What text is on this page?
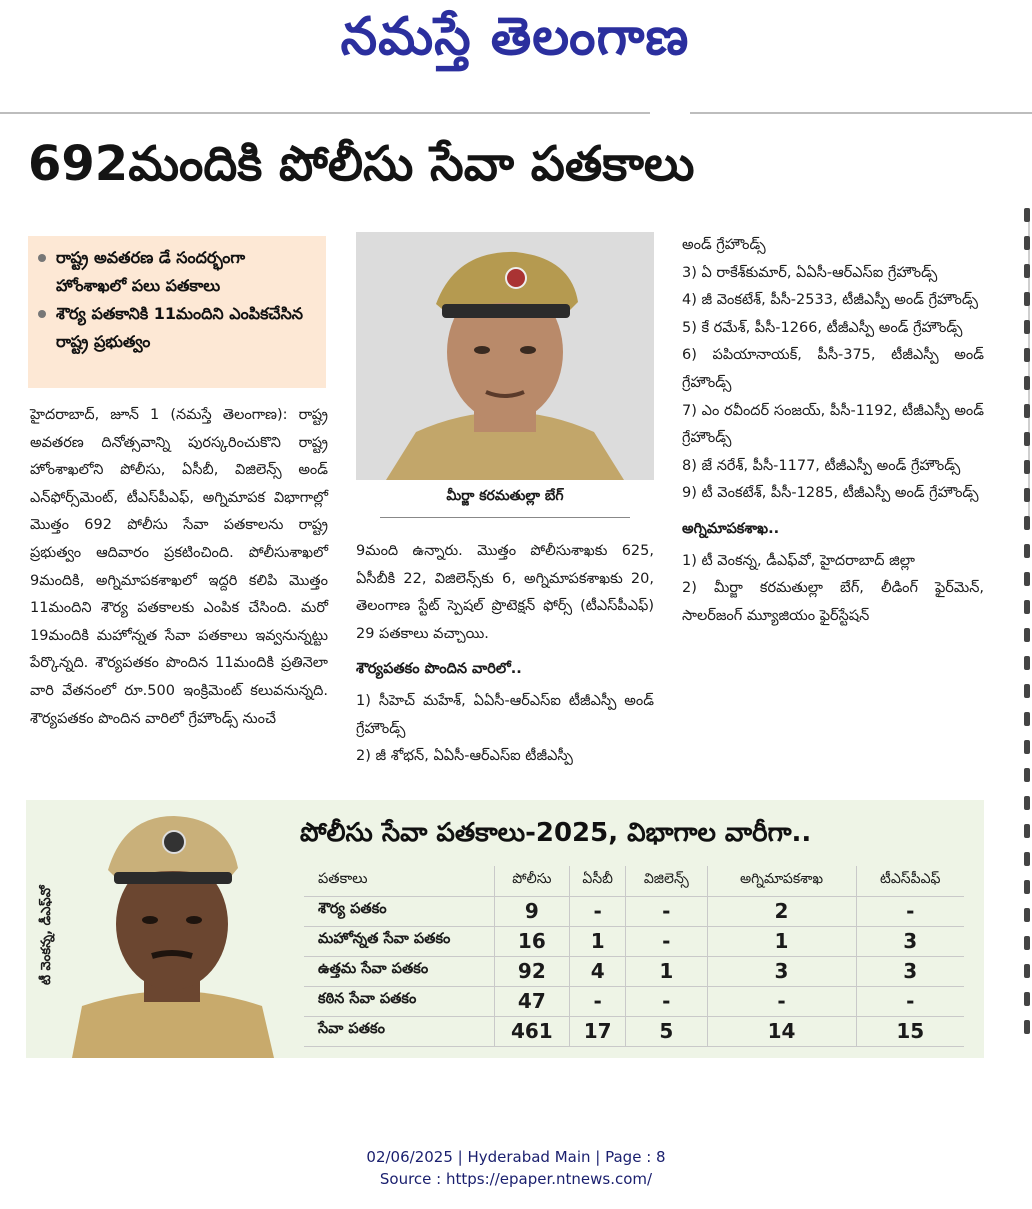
నమస్తే తెలంగాణ
692మందికి పోలీసు సేవా పతకాలు
రాష్ట్ర అవతరణ డే సందర్భంగా హోంశాఖలో పలు పతకాలు
శౌర్య పతకానికి 11మందిని ఎంపికచేసిన రాష్ట్ర ప్రభుత్వం

హైదరాబాద్, జూన్ 1 (నమస్తే తెలంగాణ): రాష్ట్ర అవతరణ దినోత్సవాన్ని పురస్కరించుకొని రాష్ట్ర హోంశాఖలోని పోలీసు, ఏసీబీ, విజిలెన్స్ అండ్ ఎన్‌ఫోర్స్‌మెంట్, టీఎస్‌పీఎఫ్, అగ్నిమాపక విభాగాల్లో మొత్తం 692 పోలీసు సేవా పతకాలను రాష్ట్ర ప్రభుత్వం ఆదివారం ప్రకటించింది. పోలీసుశాఖలో 9మందికి, అగ్నిమాపకశాఖలో ఇద్దరి కలిపి మొత్తం 11మందిని శౌర్య పతకాలకు ఎంపిక చేసింది. మరో 19మందికి మహోన్నత సేవా పతకాలు ఇవ్వనున్నట్టు పేర్కొన్నది. శౌర్యపతకం పొందిన 11మందికి ప్రతినెలా వారి వేతనంలో రూ.500 ఇంక్రిమెంట్ కలువనున్నది. శౌర్యపతకం పొందిన వారిలో గ్రేహౌండ్స్ నుంచే

మీర్జా కరమతుల్లా బేగ్

9మంది ఉన్నారు. మొత్తం పోలీసుశాఖకు 625, ఏసీబీకి 22, విజిలెన్స్‌కు 6, అగ్నిమాపకశాఖకు 20, తెలంగాణ స్టేట్ స్పెషల్ ప్రొటెక్షన్ ఫోర్స్ (టీఎస్‌పీఎఫ్) 29 పతకాలు వచ్చాయి.

శౌర్యపతకం పొందిన వారిలో..

1) సీహెచ్ మహేశ్, ఏఏసీ-ఆర్‌ఎస్‌ఐ టీజీఎస్పీ అండ్ గ్రేహౌండ్స్

2) జీ శోభన్, ఏఏసీ-ఆర్‌ఎస్‌ఐ టీజీఎస్పీ

అండ్ గ్రేహౌండ్స్

3) ఏ రాకేశ్‌కుమార్, ఏఏసీ-ఆర్‌ఎస్‌ఐ గ్రేహౌండ్స్

4) జీ వెంకటేశ్, పీసీ-2533, టీజీఎస్పీ అండ్ గ్రేహౌండ్స్

5) కే రమేశ్, పీసీ-1266, టీజీఎస్పీ అండ్ గ్రేహౌండ్స్

6) పపియానాయక్, పీసీ-375, టీజీఎస్పీ అండ్ గ్రేహౌండ్స్

7) ఎం రవీందర్ సంజయ్, పీసీ-1192, టీజీఎస్పీ అండ్ గ్రేహౌండ్స్

8) జే నరేశ్, పీసీ-1177, టీజీఎస్పీ అండ్ గ్రేహౌండ్స్

9) టీ వెంకటేశ్, పీసీ-1285, టీజీఎస్పీ అండ్ గ్రేహౌండ్స్

అగ్నిమాపకశాఖ..

1) టీ వెంకన్న, డీఎఫ్‌వో, హైదరాబాద్ జిల్లా

2) మీర్జా కరమతుల్లా బేగ్, లీడింగ్ ఫైర్‌మెన్, సాలర్‌జంగ్ మ్యూజియం ఫైర్‌స్టేషన్

టీ వెంకన్న, డీఎఫ్‌వో
పోలీసు సేవా పతకాలు-2025, విభాగాల వారీగా..
పతకాలు	పోలీసు	ఏసీబీ	విజిలెన్స్	అగ్నిమాపకశాఖ	టీఎస్‌పీఎఫ్
శౌర్య పతకం	9	-	-	2	-
మహోన్నత సేవా పతకం	16	1	-	1	3
ఉత్తమ సేవా పతకం	92	4	1	3	3
కఠిన సేవా పతకం	47	-	-	-	-
సేవా పతకం	461	17	5	14	15
02/06/2025 | Hyderabad Main | Page : 8
Source : https://epaper.ntnews.com/
